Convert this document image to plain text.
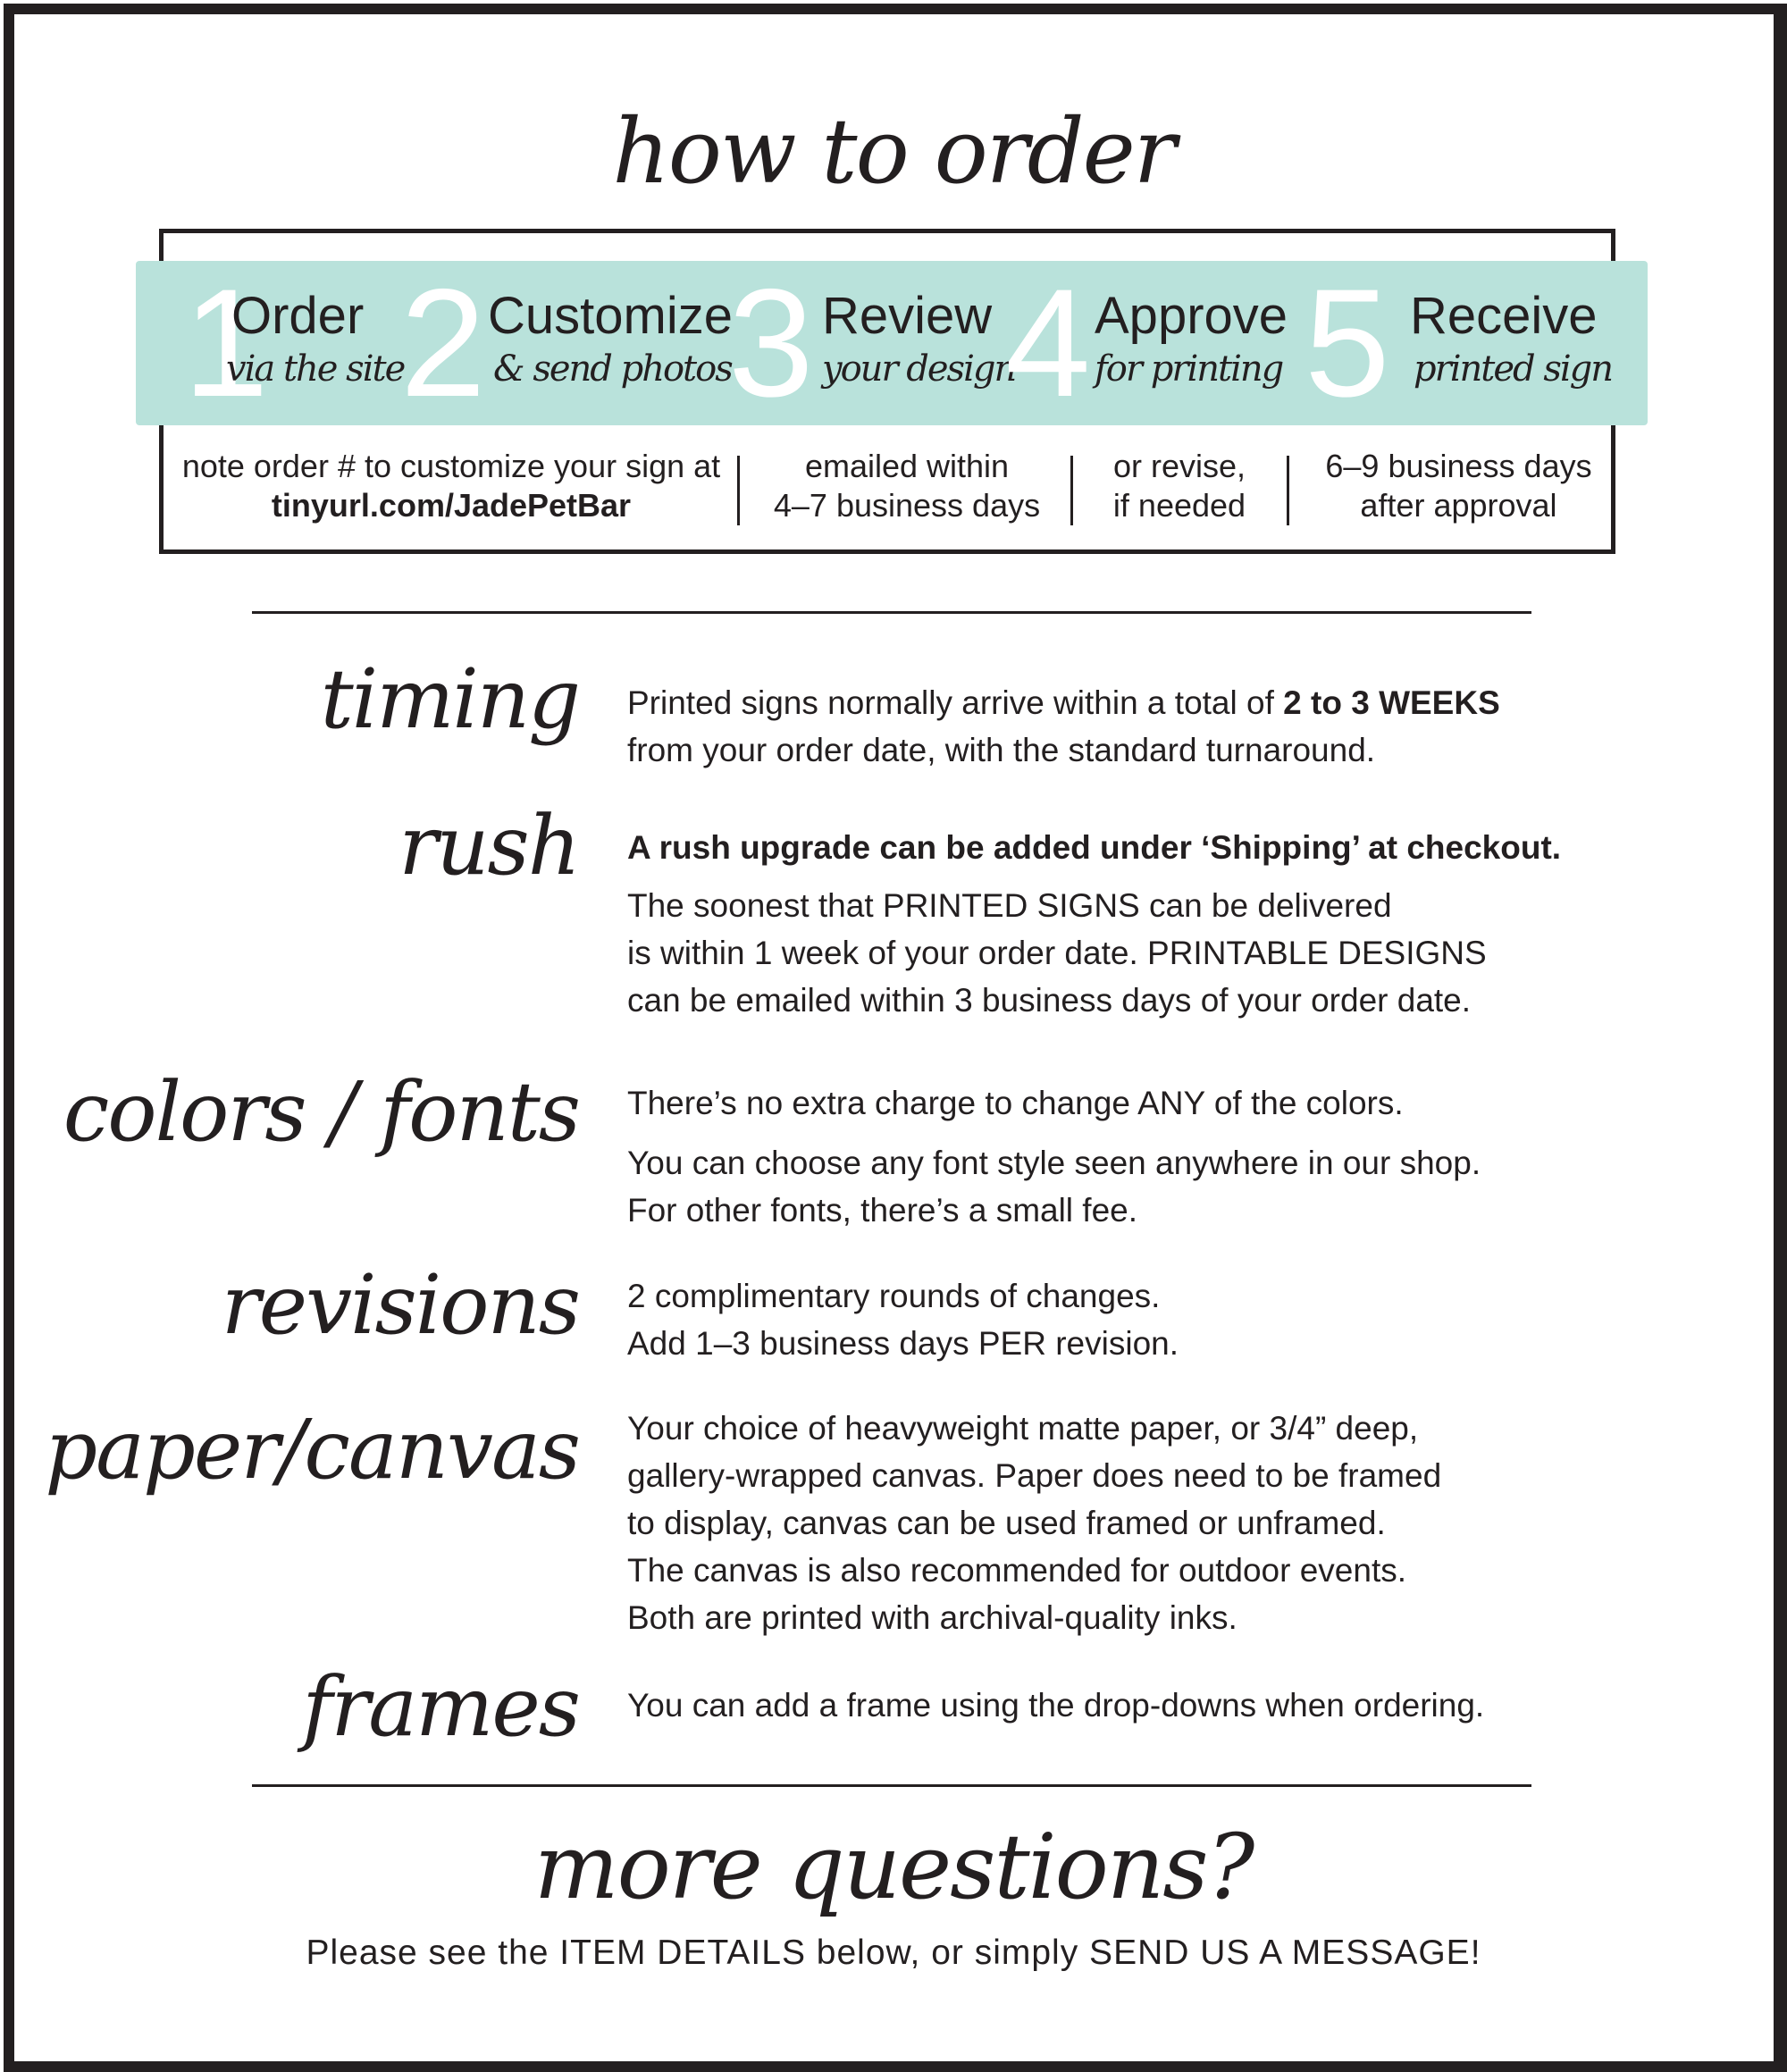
how to order
1
Order
via the site
2 Customize
& send photos
3 Review
your design
4 Approve
for printing 5 Receive
printed sign
note order # to customize your sign at
tinyurl.com/JadePetBar
emailed within
4–7 business days
or revise,
if needed
6–9 business days
after approval
timing Printed signs normally arrive within a total of 2 to 3 WEEKS
from your order date, with the standard turnaround.
rush A rush upgrade can be added under ‘Shipping’ at checkout.
The soonest that PRINTED SIGNS can be delivered
is within 1 week of your order date. PRINTABLE DESIGNS
can be emailed within 3 business days of your order date.
colors / fonts There’s no extra charge to change ANY of the colors.
You can choose any font style seen anywhere in our shop.
For other fonts, there’s a small fee.
revisions 2 complimentary rounds of changes.
Add 1–3 business days PER revision.
paper/canvas Your choice of heavyweight matte paper, or 3/4” deep,
gallery-wrapped canvas. Paper does need to be framed
to display, canvas can be used framed or unframed.
The canvas is also recommended for outdoor events.
Both are printed with archival-quality inks.
frames You can add a frame using the drop-downs when ordering.
more questions?
Please see the ITEM DETAILS below, or simply SEND US A MESSAGE!
